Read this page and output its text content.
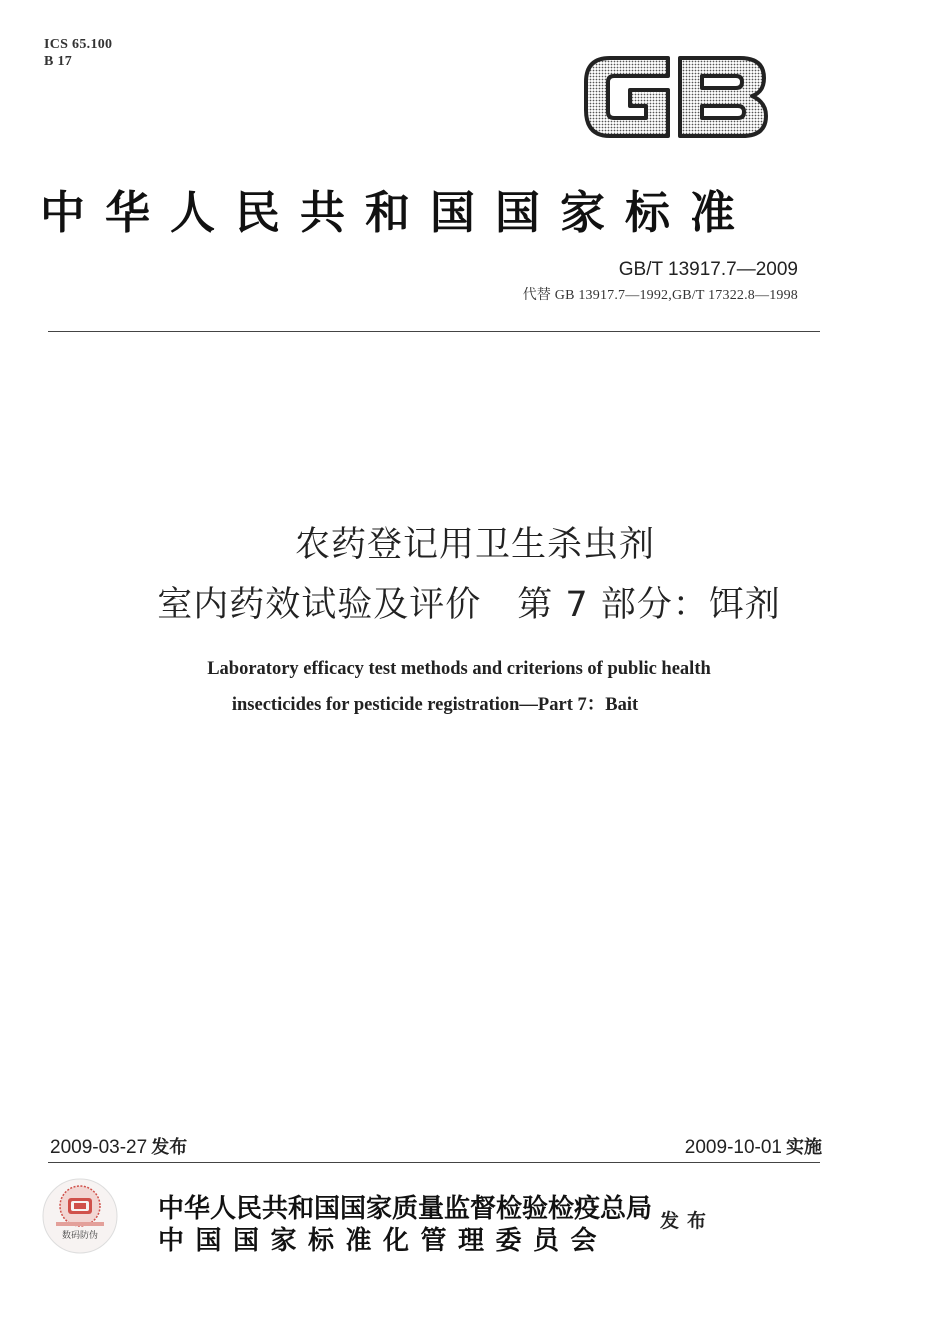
ICS 65.100
B 17
GB
中华人民共和国国家标准
GB/T 13917.7—2009
代替 GB 13917.7—1992,GB/T 17322.8—1998
农药登记用卫生杀虫剂
室内药效试验及评价　第 7 部分：饵剂
Laboratory efficacy test methods and criterions of public health
insecticides for pesticide registration—Part 7：Bait
2009-03-27 发布	2009-10-01 实施
数码防伪
中华人民共和国国家质量监督检验检疫总局
中国国家标准化管理委员会
发布
